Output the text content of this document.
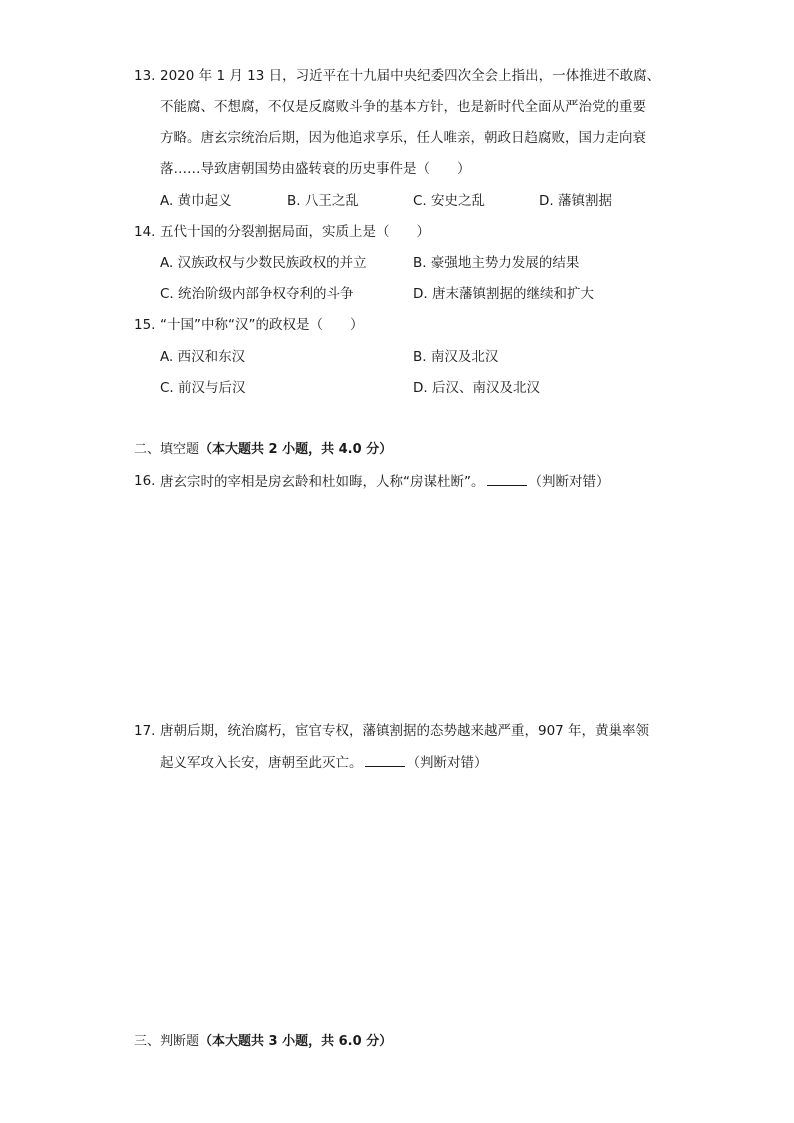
13. 2020 年 1 月 13 日，习近平在十九届中央纪委四次全会上指出，一体推进不敢腐、
不能腐、不想腐，不仅是反腐败斗争的基本方针，也是新时代全面从严治党的重要
方略。唐玄宗统治后期，因为他追求享乐，任人唯亲，朝政日趋腐败，国力走向衰
落……导致唐朝国势由盛转衰的历史事件是（　　）
A. 黄巾起义	B. 八王之乱	C. 安史之乱	D. 藩镇割据
14. 五代十国的分裂割据局面，实质上是（　　）
A. 汉族政权与少数民族政权的并立	B. 豪强地主势力发展的结果
C. 统治阶级内部争权夺利的斗争	D. 唐末藩镇割据的继续和扩大
15. “十国”中称“汉”的政权是（　　）
A. 西汉和东汉	B. 南汉及北汉
C. 前汉与后汉	D. 后汉、南汉及北汉
二、填空题（本大题共 2 小题，共 4.0 分）
16. 唐玄宗时的宰相是房玄龄和杜如晦，人称“房谋杜断”。	（判断对错）
17. 唐朝后期，统治腐朽，宦官专权，藩镇割据的态势越来越严重，907 年，黄巢率领
起义军攻入长安，唐朝至此灭亡。	（判断对错）
三、判断题（本大题共 3 小题，共 6.0 分）
